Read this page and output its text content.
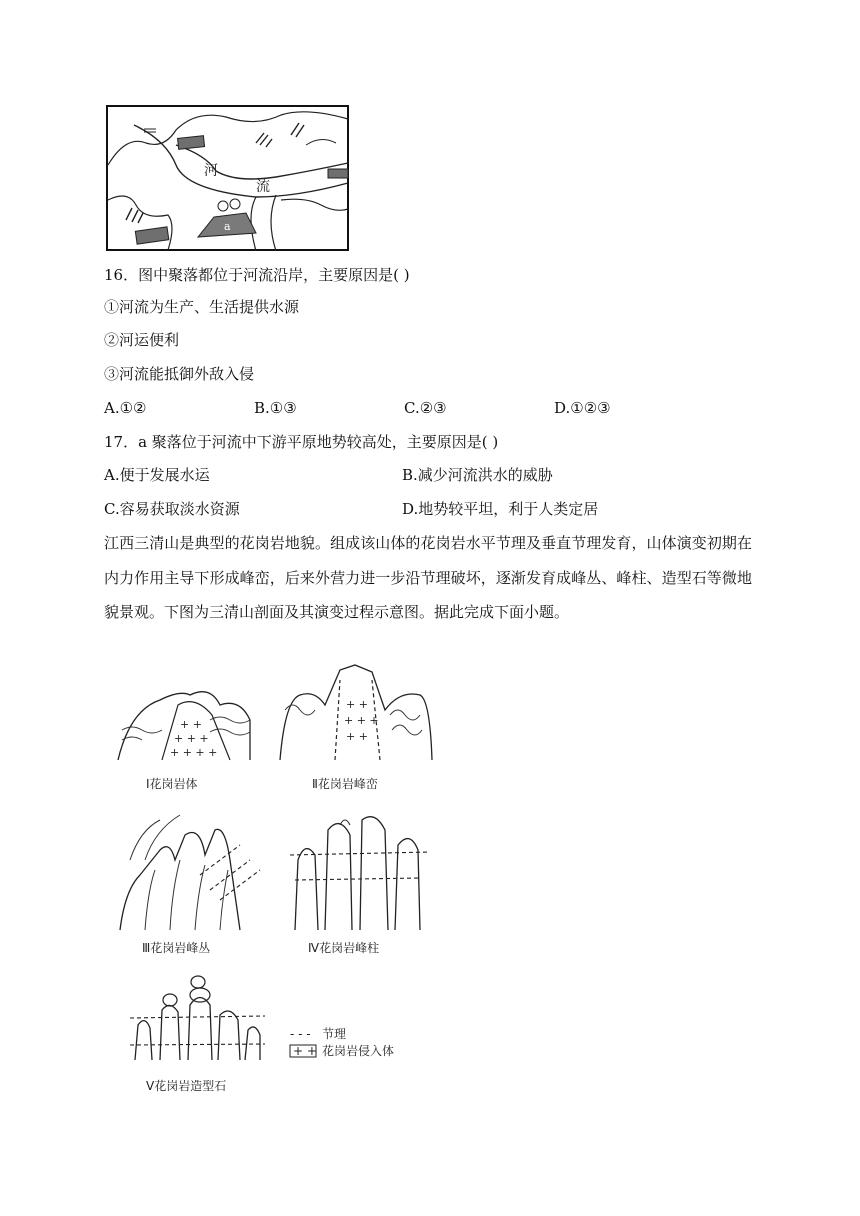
a
河
流
16．图中聚落都位于河流沿岸，主要原因是( )
①河流为生产、生活提供水源
②河运便利
③河流能抵御外敌入侵
A.①②	B.①③	C.②③	D.①②③
17．a 聚落位于河流中下游平原地势较高处，主要原因是( )
A.便于发展水运	B.减少河流洪水的威胁
C.容易获取淡水资源	D.地势较平坦，利于人类定居
江西三清山是典型的花岗岩地貌。组成该山体的花岗岩水平节理及垂直节理发育，山体演变初期在内力作用主导下形成峰峦，后来外营力进一步沿节理破坏，逐渐发育成峰丛、峰柱、造型石等微地貌景观。下图为三清山剖面及其演变过程示意图。据此完成下面小题。
+ +
+ + +
+ + + +
Ⅰ花岗岩体
+ +
+ + +
+ +
Ⅱ花岗岩峰峦
Ⅲ花岗岩峰丛	Ⅳ花岗岩峰柱
Ⅴ花岗岩造型石
- - - 节理
+ + 花岗岩侵入体
